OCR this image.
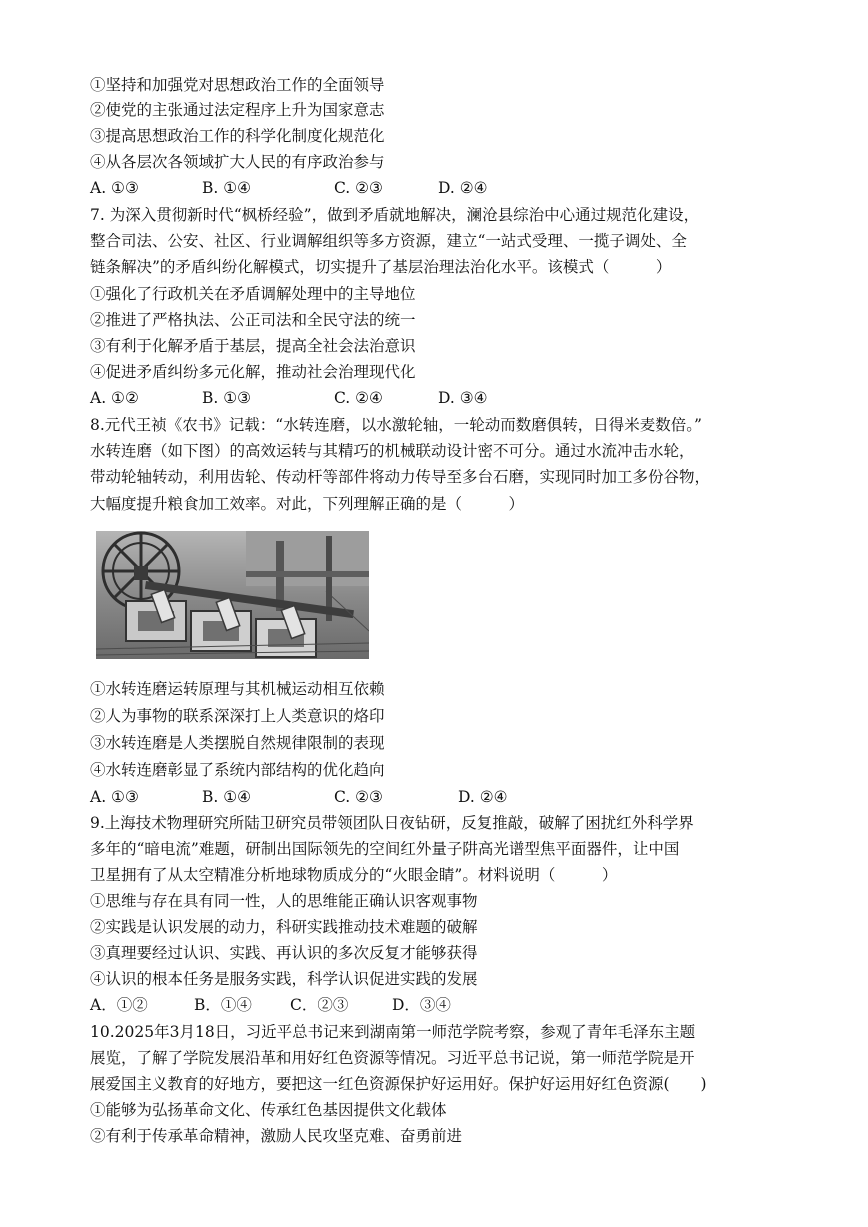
①坚持和加强党对思想政治工作的全面领导
②使党的主张通过法定程序上升为国家意志
③提高思想政治工作的科学化制度化规范化
④从各层次各领域扩大人民的有序政治参与
A. ①③	B. ①④	C. ②③	D. ②④
7. 为深入贯彻新时代“枫桥经验”，做到矛盾就地解决，澜沧县综治中心通过规范化建设，
整合司法、公安、社区、行业调解组织等多方资源，建立“一站式受理、一揽子调处、全
链条解决”的矛盾纠纷化解模式，切实提升了基层治理法治化水平。该模式（　　　）
①强化了行政机关在矛盾调解处理中的主导地位
②推进了严格执法、公正司法和全民守法的统一
③有利于化解矛盾于基层，提高全社会法治意识
④促进矛盾纠纷多元化解，推动社会治理现代化
A. ①②	B. ①③	C. ②④	D. ③④
8.元代王祯《农书》记载：“水转连磨，以水激轮轴，一轮动而数磨俱转，日得米麦数倍。”
水转连磨（如下图）的高效运转与其精巧的机械联动设计密不可分。通过水流冲击水轮，
带动轮轴转动，利用齿轮、传动杆等部件将动力传导至多台石磨，实现同时加工多份谷物，
大幅度提升粮食加工效率。对此，下列理解正确的是（　　　）
①水转连磨运转原理与其机械运动相互依赖
②人为事物的联系深深打上人类意识的烙印
③水转连磨是人类摆脱自然规律限制的表现
④水转连磨彰显了系统内部结构的优化趋向
A. ①③	B. ①④	C. ②③	D. ②④
9.上海技术物理研究所陆卫研究员带领团队日夜钻研，反复推敲，破解了困扰红外科学界
多年的“暗电流”难题，研制出国际领先的空间红外量子阱高光谱型焦平面器件，让中国
卫星拥有了从太空精准分析地球物质成分的“火眼金睛”。材料说明（　　　）
①思维与存在具有同一性，人的思维能正确认识客观事物
②实践是认识发展的动力，科研实践推动技术难题的破解
③真理要经过认识、实践、再认识的多次反复才能够获得
④认识的根本任务是服务实践，科学认识促进实践的发展
A．①②	B．①④	C．②③	D．③④
10.2025年3月18日，习近平总书记来到湖南第一师范学院考察，参观了青年毛泽东主题
展览，了解了学院发展沿革和用好红色资源等情况。习近平总书记说，第一师范学院是开
展爱国主义教育的好地方，要把这一红色资源保护好运用好。保护好运用好红色资源(　　)
①能够为弘扬革命文化、传承红色基因提供文化载体
②有利于传承革命精神，激励人民攻坚克难、奋勇前进
